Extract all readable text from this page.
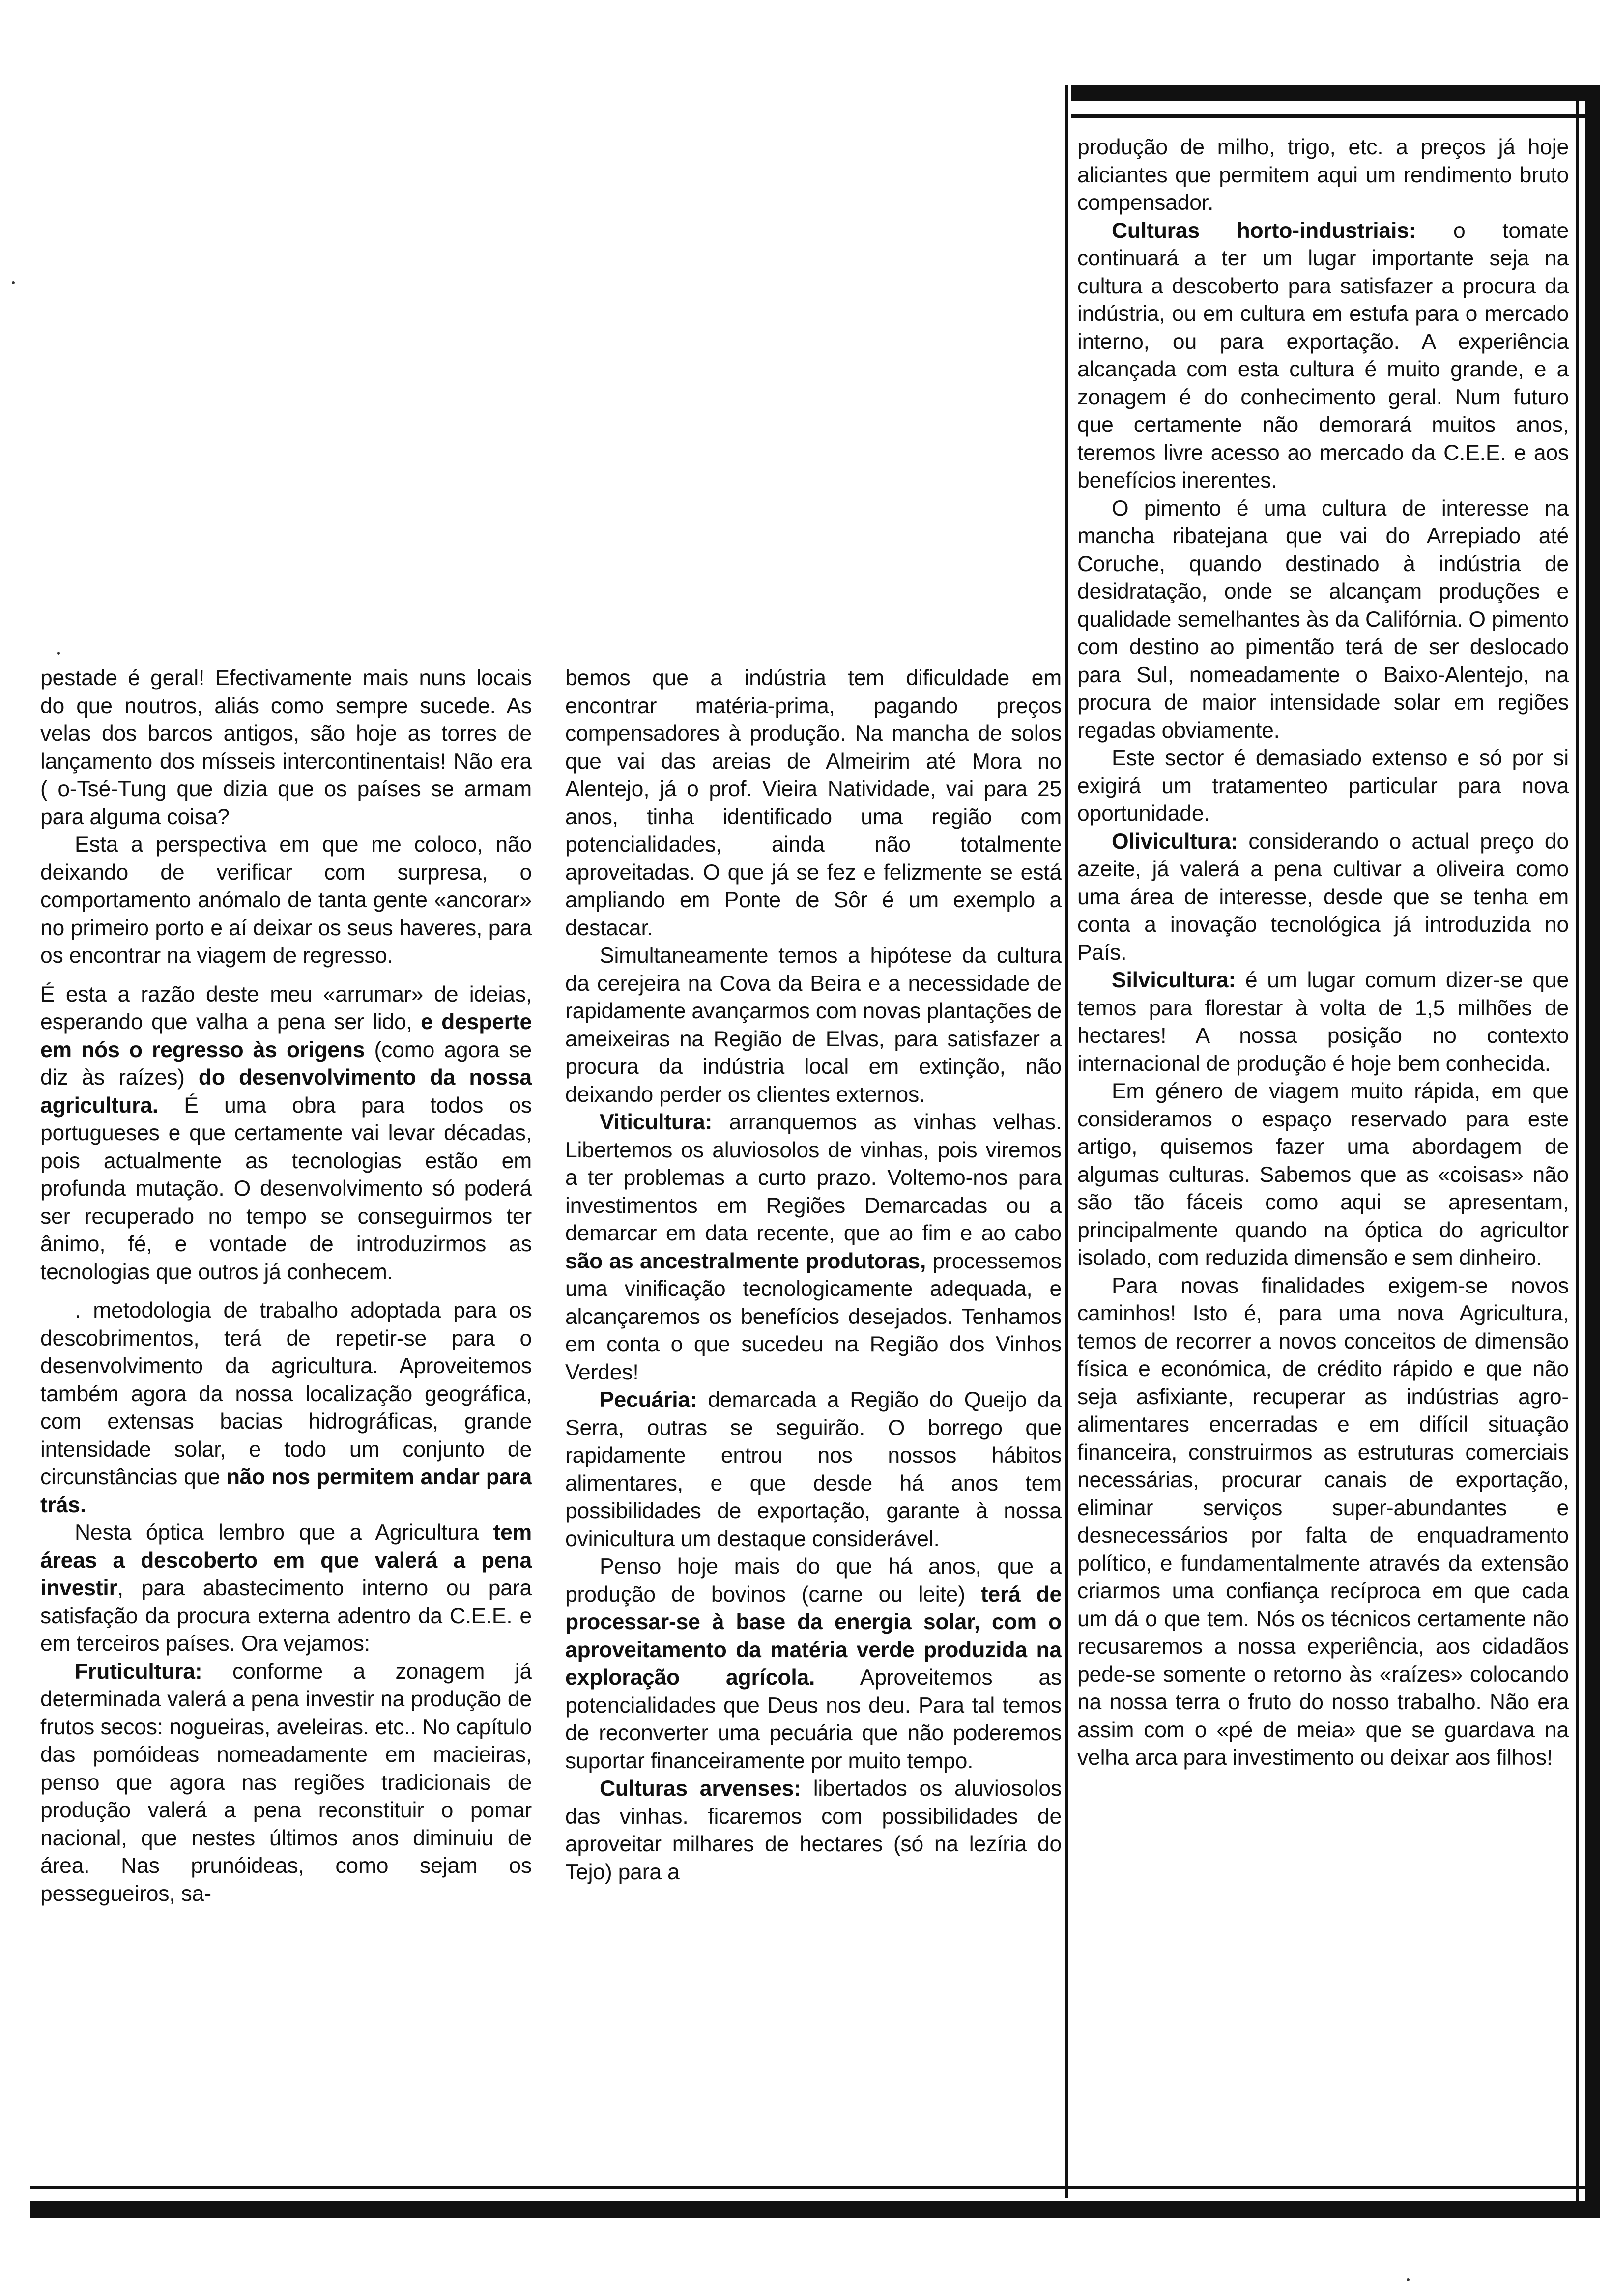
pestade é geral! Efectivamente mais nuns locais do que noutros, aliás como sempre sucede. As velas dos barcos antigos, são hoje as torres de lançamento dos mísseis intercontinentais! Não era ( o-Tsé-Tung que dizia que os países se armam para alguma coisa?

Esta a perspectiva em que me coloco, não deixando de verificar com surpresa, o comportamento anómalo de tanta gente «ancorar» no primeiro porto e aí deixar os seus haveres, para os encontrar na viagem de regresso.

É esta a razão deste meu «arrumar» de ideias, esperando que valha a pena ser lido, e desperte em nós o regresso às origens (como agora se diz às raízes) do desenvolvimento da nossa agricultura. É uma obra para todos os portugueses e que certamente vai levar décadas, pois actualmente as tecnologias estão em profunda mutação. O desenvolvimento só poderá ser recuperado no tempo se conseguirmos ter ânimo, fé, e vontade de introduzirmos as tecnologias que outros já conhecem.

. metodologia de trabalho adoptada para os descobrimentos, terá de repetir-se para o desenvolvimento da agricultura. Aproveitemos também agora da nossa localização geográfica, com extensas bacias hidrográficas, grande intensidade solar, e todo um conjunto de circunstâncias que não nos permitem andar para trás.

Nesta óptica lembro que a Agricultura tem áreas a descoberto em que valerá a pena investir, para abastecimento interno ou para satisfação da procura externa adentro da C.E.E. e em terceiros países. Ora vejamos:

Fruticultura: conforme a zonagem já determinada valerá a pena investir na produção de frutos secos: nogueiras, aveleiras. etc.. No capítulo das pomóideas nomeadamente em macieiras, penso que agora nas regiões tradicionais de produção valerá a pena reconstituir o pomar nacional, que nestes últimos anos diminuiu de área. Nas prunóideas, como sejam os pessegueiros, sa-

bemos que a indústria tem dificuldade em encontrar matéria-prima, pagando preços compensadores à produção. Na mancha de solos que vai das areias de Almeirim até Mora no Alentejo, já o prof. Vieira Natividade, vai para 25 anos, tinha identificado uma região com potencialidades, ainda não totalmente aproveitadas. O que já se fez e felizmente se está ampliando em Ponte de Sôr é um exemplo a destacar.

Simultaneamente temos a hipótese da cultura da cerejeira na Cova da Beira e a necessidade de rapidamente avançarmos com novas plantações de ameixeiras na Região de Elvas, para satisfazer a procura da indústria local em extinção, não deixando perder os clientes externos.

Viticultura: arranquemos as vinhas velhas. Libertemos os aluviosolos de vinhas, pois viremos a ter problemas a curto prazo. Voltemo-nos para investimentos em Regiões Demarcadas ou a demarcar em data recente, que ao fim e ao cabo são as ancestralmente produtoras, processemos uma vinificação tecnologicamente adequada, e alcançaremos os benefícios desejados. Tenhamos em conta o que sucedeu na Região dos Vinhos Verdes!

Pecuária: demarcada a Região do Queijo da Serra, outras se seguirão. O borrego que rapidamente entrou nos nossos hábitos alimentares, e que desde há anos tem possibilidades de exportação, garante à nossa ovinicultura um destaque considerável.

Penso hoje mais do que há anos, que a produção de bovinos (carne ou leite) terá de processar-se à base da energia solar, com o aproveitamento da matéria verde produzida na exploração agrícola. Aproveitemos as potencialidades que Deus nos deu. Para tal temos de reconverter uma pecuária que não poderemos suportar financeiramente por muito tempo.

Culturas arvenses: libertados os aluviosolos das vinhas. ficaremos com possibilidades de aproveitar milhares de hectares (só na lezíria do Tejo) para a

produção de milho, trigo, etc. a preços já hoje aliciantes que permitem aqui um rendimento bruto compensador.

Culturas horto-industriais: o tomate continuará a ter um lugar importante seja na cultura a descoberto para satisfazer a procura da indústria, ou em cultura em estufa para o mercado interno, ou para exportação. A experiência alcançada com esta cultura é muito grande, e a zonagem é do conhecimento geral. Num futuro que certamente não demorará muitos anos, teremos livre acesso ao mercado da C.E.E. e aos benefícios inerentes.

O pimento é uma cultura de interesse na mancha ribatejana que vai do Arrepiado até Coruche, quando destinado à indústria de desidratação, onde se alcançam produções e qualidade semelhantes às da Califórnia. O pimento com destino ao pimentão terá de ser deslocado para Sul, nomeadamente o Baixo-Alentejo, na procura de maior intensidade solar em regiões regadas obviamente.

Este sector é demasiado extenso e só por si exigirá um tratamenteo particular para nova oportunidade.

Olivicultura: considerando o actual preço do azeite, já valerá a pena cultivar a oliveira como uma área de interesse, desde que se tenha em conta a inovação tecnológica já introduzida no País.

Silvicultura: é um lugar comum dizer-se que temos para florestar à volta de 1,5 milhões de hectares! A nossa posição no contexto internacional de produção é hoje bem conhecida.

Em género de viagem muito rápida, em que consideramos o espaço reservado para este artigo, quisemos fazer uma abordagem de algumas culturas. Sabemos que as «coisas» não são tão fáceis como aqui se apresentam, principalmente quando na óptica do agricultor isolado, com reduzida dimensão e sem dinheiro.

Para novas finalidades exigem-se novos caminhos! Isto é, para uma nova Agricultura, temos de recorrer a novos conceitos de dimensão física e económica, de crédito rápido e que não seja asfixiante, recuperar as indústrias agro-alimentares encerradas e em difícil situação financeira, construirmos as estruturas comerciais necessárias, procurar canais de exportação, eliminar serviços super-abundantes e desnecessários por falta de enquadramento político, e fundamentalmente através da extensão criarmos uma confiança recíproca em que cada um dá o que tem. Nós os técnicos certamente não recusaremos a nossa experiência, aos cidadãos pede-se somente o retorno às «raízes» colocando na nossa terra o fruto do nosso trabalho. Não era assim com o «pé de meia» que se guardava na velha arca para investimento ou deixar aos filhos!
